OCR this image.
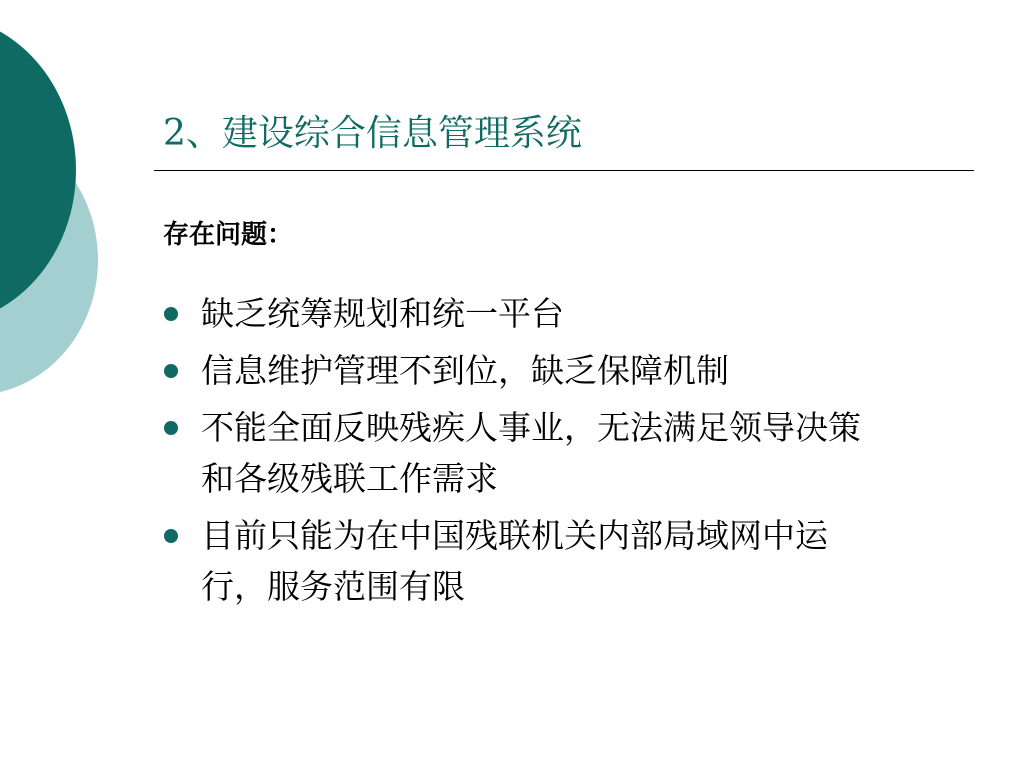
2、建设综合信息管理系统
存在问题：
缺乏统筹规划和统一平台
信息维护管理不到位，缺乏保障机制
不能全面反映残疾人事业，无法满足领导决策和各级残联工作需求
目前只能为在中国残联机关内部局域网中运行，服务范围有限
